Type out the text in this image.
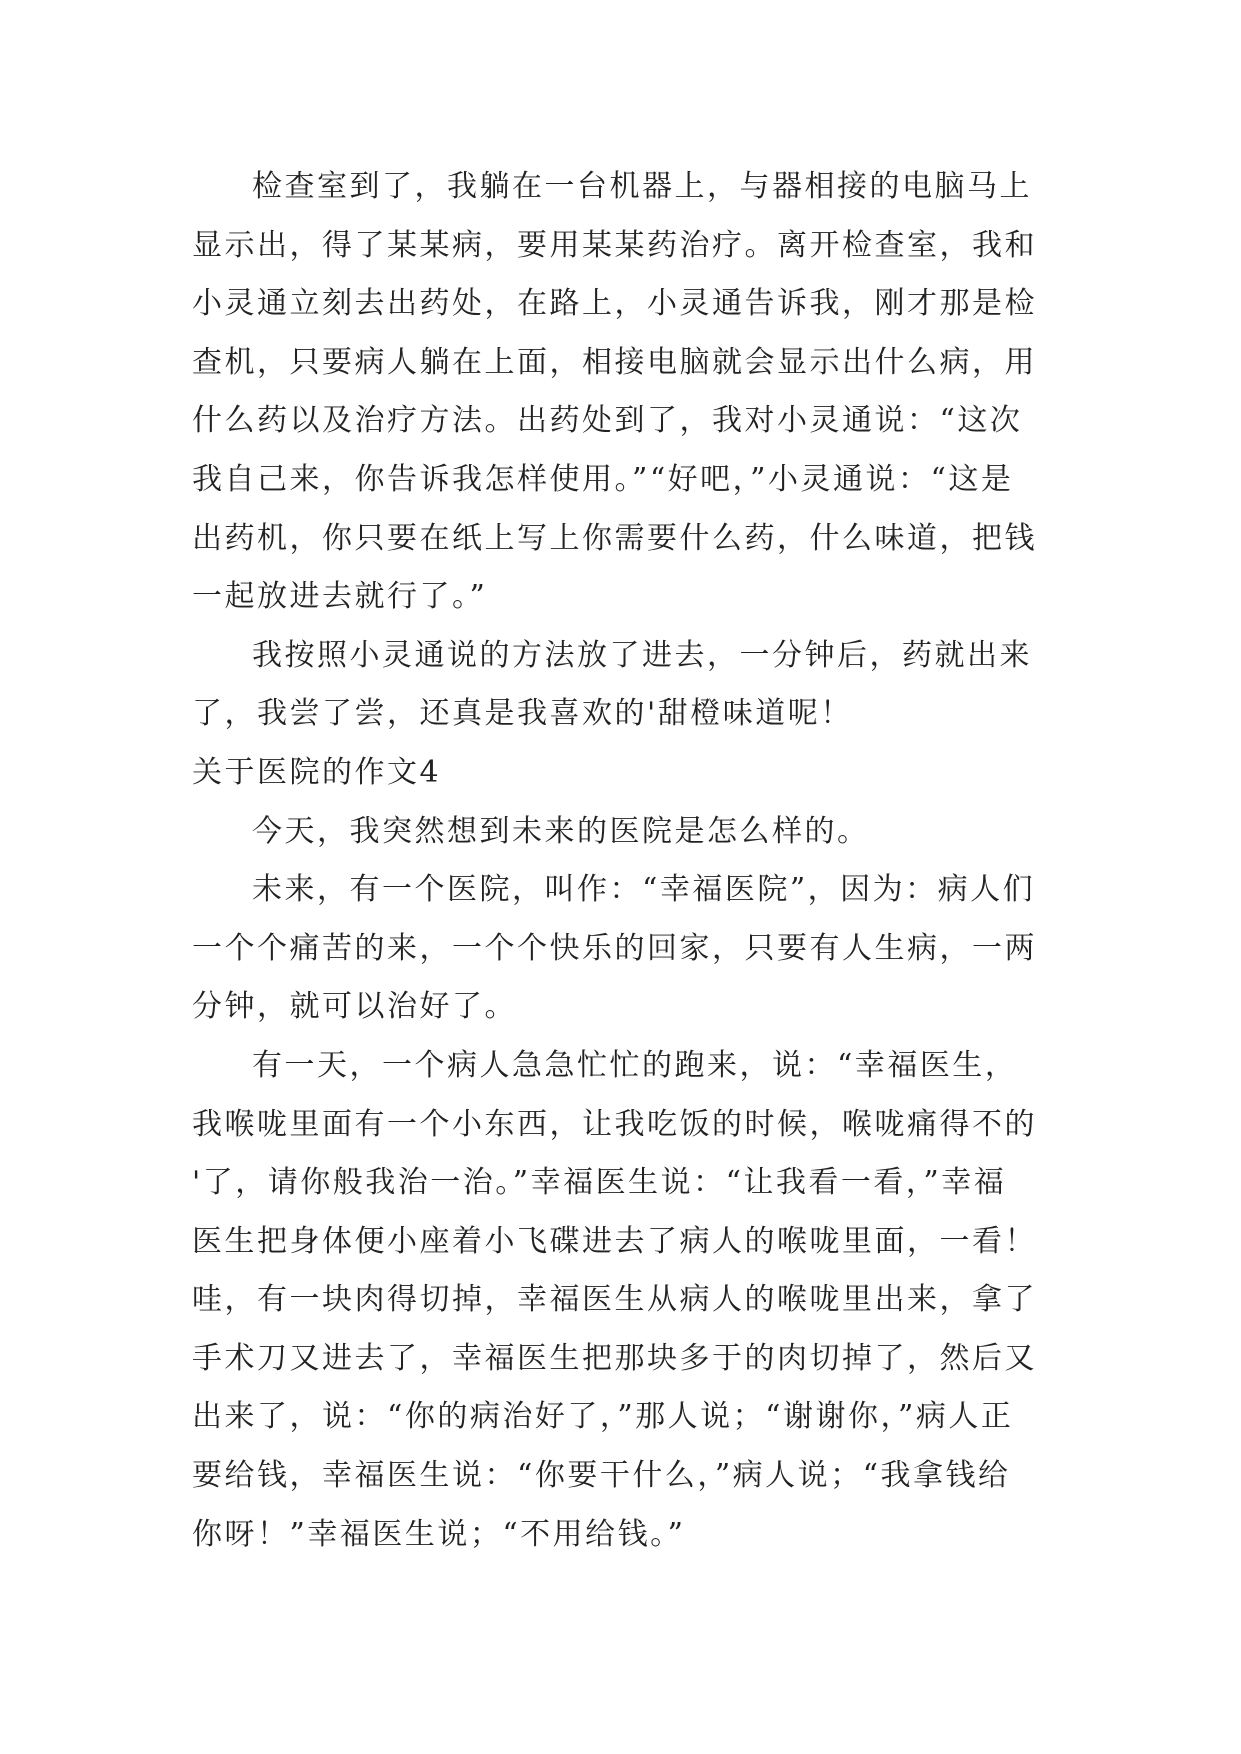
检查室到了，我躺在一台机器上，与器相接的电脑马上
显示出，得了某某病，要用某某药治疗。离开检查室，我和
小灵通立刻去出药处，在路上，小灵通告诉我，刚才那是检
查机，只要病人躺在上面，相接电脑就会显示出什么病，用
什么药以及治疗方法。出药处到了，我对小灵通说：“这次
我自己来，你告诉我怎样使用。”“好吧，”小灵通说：“这是
出药机，你只要在纸上写上你需要什么药，什么味道，把钱
一起放进去就行了。”
我按照小灵通说的方法放了进去，一分钟后，药就出来
了，我尝了尝，还真是我喜欢的'甜橙味道呢！
关于医院的作文4
今天，我突然想到未来的医院是怎么样的。
未来，有一个医院，叫作：“幸福医院”，因为：病人们
一个个痛苦的来，一个个快乐的回家，只要有人生病，一两
分钟，就可以治好了。
有一天，一个病人急急忙忙的跑来，说：“幸福医生，
我喉咙里面有一个小东西，让我吃饭的时候，喉咙痛得不的
'了，请你般我治一治。”幸福医生说：“让我看一看，”幸福
医生把身体便小座着小飞碟进去了病人的喉咙里面，一看！
哇，有一块肉得切掉，幸福医生从病人的喉咙里出来，拿了
手术刀又进去了，幸福医生把那块多于的肉切掉了，然后又
出来了，说：“你的病治好了，”那人说；“谢谢你，”病人正
要给钱，幸福医生说：“你要干什么，”病人说；“我拿钱给
你呀！”幸福医生说；“不用给钱。”
